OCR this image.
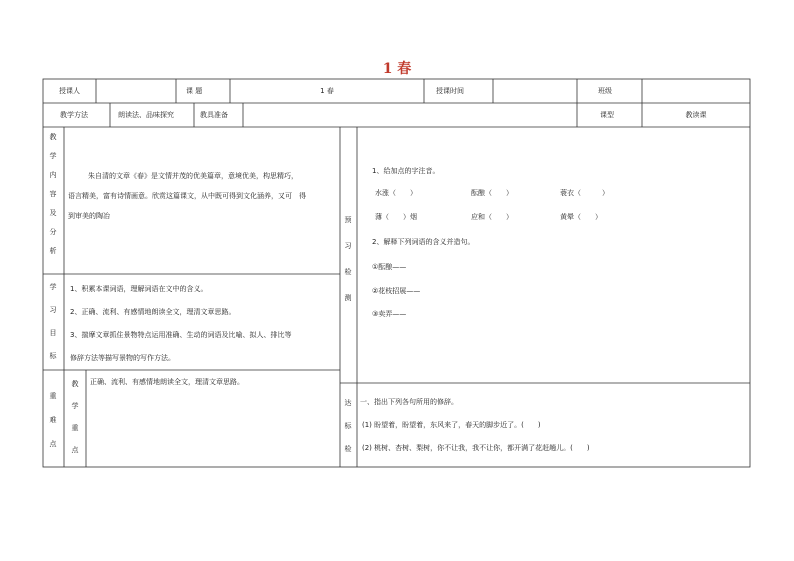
1 春
授课人	课 题	1 春	授课时间	班级
教学方法	朗读法、品味探究	教具准备	课型	教读课
教
学
内
容
及
分
析
朱自清的文章《春》是文情并茂的优美篇章，意境优美，构思精巧，
语言精美，富有诗情画意。欣赏这篇课文，从中既可得到文化涵养，又可　得
到审美的陶冶
学
习
目
标
1、积累本课词语，理解词语在文中的含义。
2、正确、流利、有感情地朗读全文，理清文章思路。
3、揣摩文章抓住景物特点运用准确、生动的词语及比喻、拟人、排比等
修辞方法等描写景物的写作方法。
重
难
点
教
学
重
点
正确、流利、有感情地朗读全文，理清文章思路。
预
习
检
测
1、给加点的字注音。
水涨（　　）	酝酿（　　）	蓑衣（　　　）
薄（　　）烟	应和（　　）	黄晕（　　）
2、解释下列词语的含义并造句。
①酝酿——
②花枝招展——
③卖弄——
达
标
检
一、指出下列各句所用的修辞。
(1) 盼望着，盼望着，东风来了，春天的脚步近了。(　　)
(2) 桃树、杏树、梨树，你不让我，我不让你，都开满了花赶趟儿。(　　)
